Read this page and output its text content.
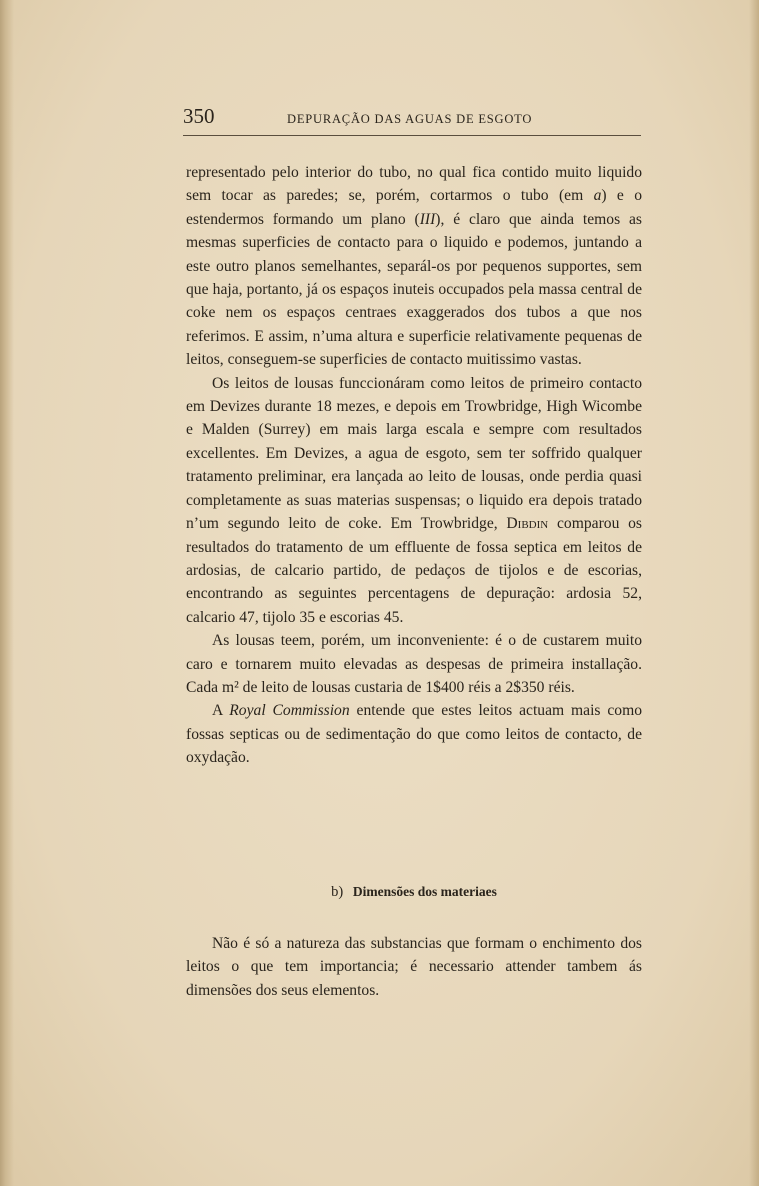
350	DEPURAÇÃO DAS AGUAS DE ESGOTO

representado pelo interior do tubo, no qual fica contido muito liquido sem tocar as paredes; se, porém, cortarmos o tubo (em a) e o estendermos formando um plano (III), é claro que ainda temos as mesmas superficies de contacto para o liquido e podemos, juntando a este outro planos semelhantes, separál-os por pequenos supportes, sem que haja, portanto, já os espaços inuteis occupados pela massa central de coke nem os espaços centraes exaggerados dos tubos a que nos referimos. E assim, n’uma altura e superficie relativamente pequenas de leitos, conseguem-se superficies de contacto muitissimo vastas.

Os leitos de lousas funccionáram como leitos de primeiro contacto em Devizes durante 18 mezes, e depois em Trowbridge, High Wicombe e Malden (Surrey) em mais larga escala e sempre com resultados excellentes. Em Devizes, a agua de esgoto, sem ter soffrido qualquer tratamento preliminar, era lançada ao leito de lousas, onde perdia quasi completamente as suas materias suspensas; o liquido era depois tratado n’um segundo leito de coke. Em Trowbridge, Dibdin comparou os resultados do tratamento de um effluente de fossa septica em leitos de ardosias, de calcario partido, de pedaços de tijolos e de escorias, encontrando as seguintes percentagens de depuração: ardosia 52, calcario 47, tijolo 35 e escorias 45.

As lousas teem, porém, um inconveniente: é o de custarem muito caro e tornarem muito elevadas as despesas de primeira installação. Cada m² de leito de lousas custaria de 1$400 réis a 2$350 réis.

A Royal Commission entende que estes leitos actuam mais como fossas septicas ou de sedimentação do que como leitos de contacto, de oxydação.

b) Dimensões dos materiaes

Não é só a natureza das substancias que formam o enchimento dos leitos o que tem importancia; é necessario attender tambem ás dimensões dos seus elementos.
